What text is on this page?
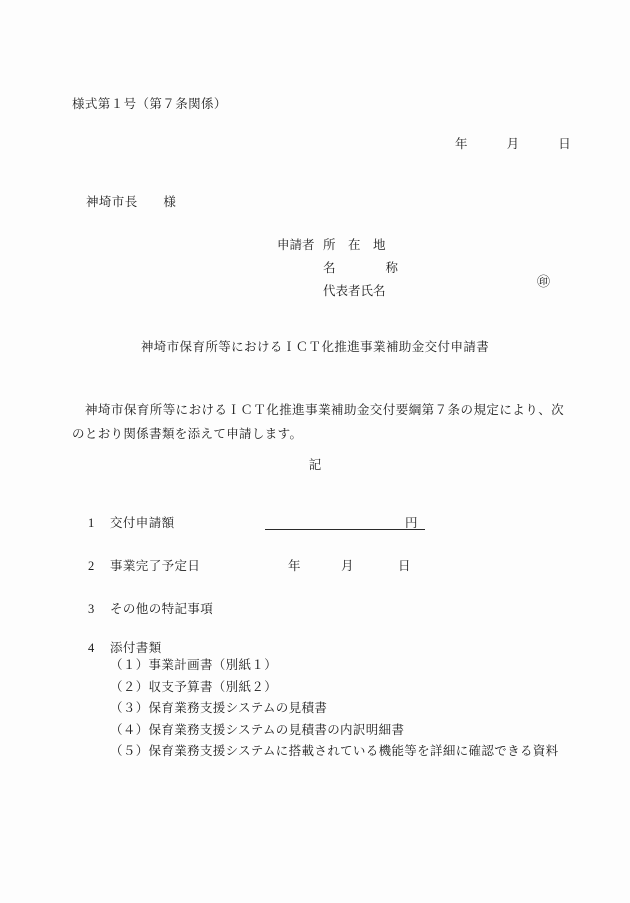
様式第１号（第７条関係）
年　　　月　　　日
神埼市長　　様
申請者 所　在　地
名　　　　称
代表者氏名
㊞
神埼市保育所等におけるＩＣＴ化推進事業補助金交付申請書
神埼市保育所等におけるＩＣＴ化推進事業補助金交付要綱第７条の規定により、次のとおり関係書類を添えて申請します。
記
1	交付申請額	円
2	事業完了予定日	年	月	日
3	その他の特記事項
4	添付書類
（１）事業計画書（別紙１）
（２）収支予算書（別紙２）
（３）保育業務支援システムの見積書
（４）保育業務支援システムの見積書の内訳明細書
（５）保育業務支援システムに搭載されている機能等を詳細に確認できる資料
